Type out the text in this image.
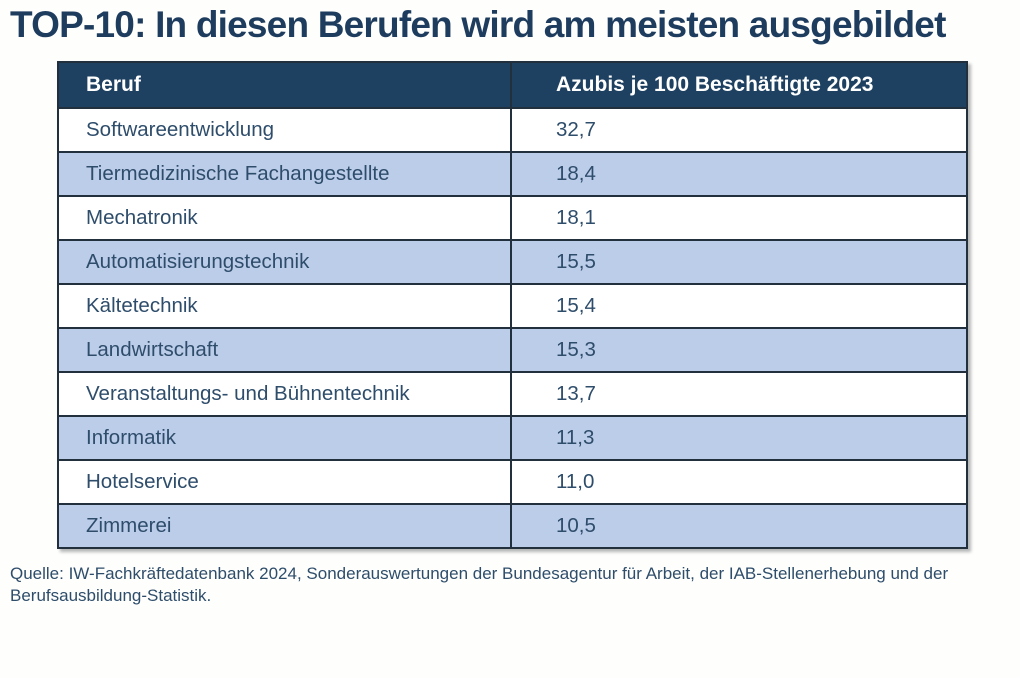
TOP-10: In diesen Berufen wird am meisten ausgebildet
Beruf	Azubis je 100 Beschäftigte 2023
Softwareentwicklung	32,7
Tiermedizinische Fachangestellte	18,4
Mechatronik	18,1
Automatisierungstechnik	15,5
Kältetechnik	15,4
Landwirtschaft	15,3
Veranstaltungs- und Bühnentechnik	13,7
Informatik	11,3
Hotelservice	11,0
Zimmerei	10,5

Quelle: IW-Fachkräftedatenbank 2024, Sonderauswertungen der Bundesagentur für Arbeit, der IAB-Stellenerhebung und der Berufsausbildung-Statistik.
